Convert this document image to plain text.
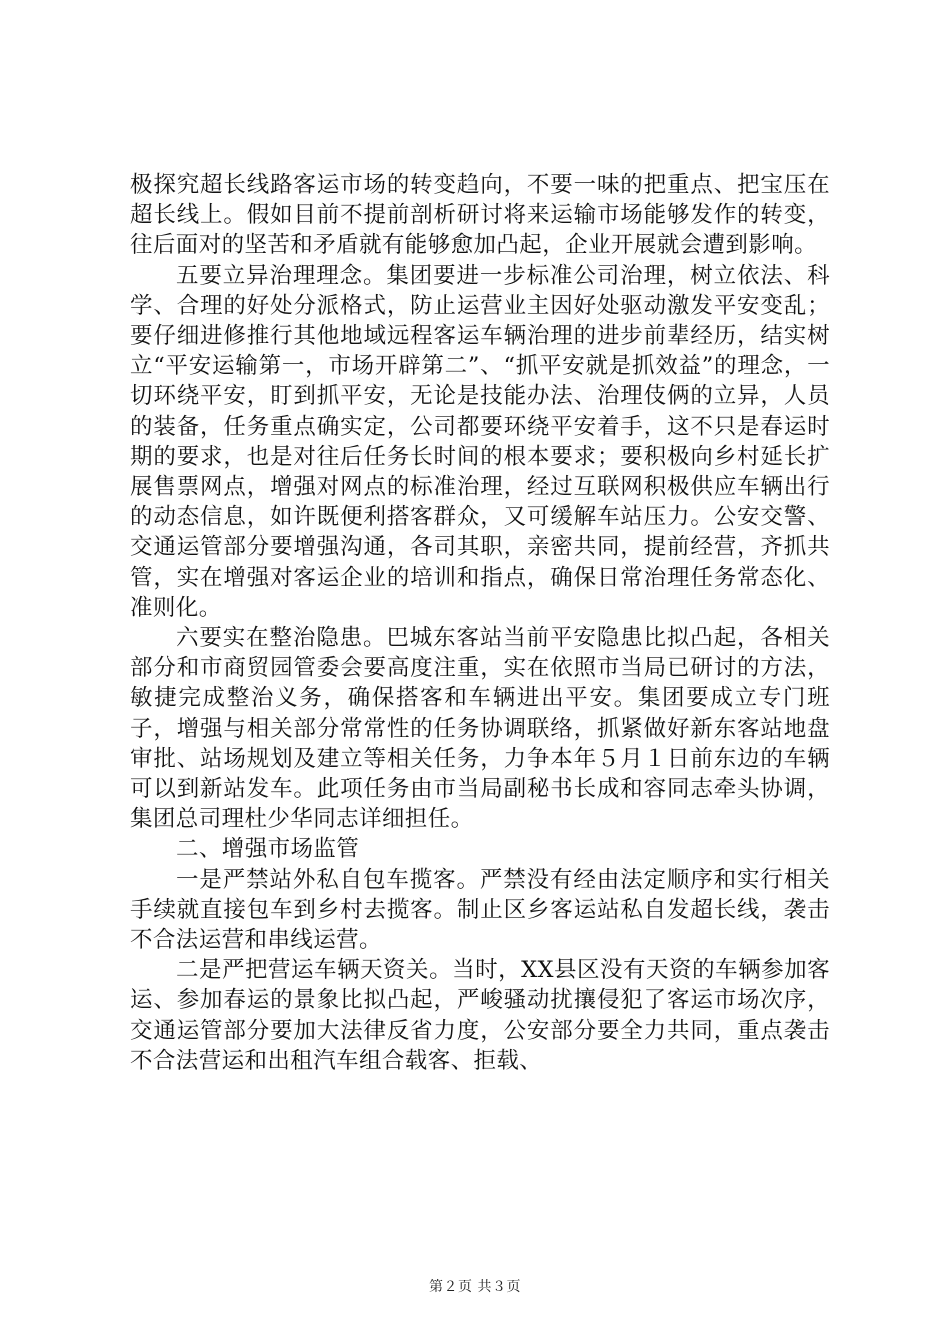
极探究超长线路客运市场的转变趋向，不要一味的把重点、把宝压在超长线上。假如目前不提前剖析研讨将来运输市场能够发作的转变，往后面对的坚苦和矛盾就有能够愈加凸起，企业开展就会遭到影响。

五要立异治理理念。集团要进一步标准公司治理，树立依法、科学、合理的好处分派格式，防止运营业主因好处驱动激发平安变乱；要仔细进修推行其他地域远程客运车辆治理的进步前辈经历，结实树立“平安运输第一，市场开辟第二”、“抓平安就是抓效益”的理念，一切环绕平安，盯到抓平安，无论是技能办法、治理伎俩的立异，人员的装备，任务重点确实定，公司都要环绕平安着手，这不只是春运时期的要求，也是对往后任务长时间的根本要求；要积极向乡村延长扩展售票网点，增强对网点的标准治理，经过互联网积极供应车辆出行的动态信息，如许既便利搭客群众，又可缓解车站压力。公安交警、交通运管部分要增强沟通，各司其职，亲密共同，提前经营，齐抓共管，实在增强对客运企业的培训和指点，确保日常治理任务常态化、准则化。

六要实在整治隐患。巴城东客站当前平安隐患比拟凸起，各相关部分和市商贸园管委会要高度注重，实在依照市当局已研讨的方法，敏捷完成整治义务，确保搭客和车辆进出平安。集团要成立专门班子，增强与相关部分常常性的任务协调联络，抓紧做好新东客站地盘审批、站场规划及建立等相关任务，力争本年５月１日前东边的车辆可以到新站发车。此项任务由市当局副秘书长成和容同志牵头协调，集团总司理杜少华同志详细担任。

二、增强市场监管

一是严禁站外私自包车揽客。严禁没有经由法定顺序和实行相关手续就直接包车到乡村去揽客。制止区乡客运站私自发超长线，袭击不合法运营和串线运营。

二是严把营运车辆天资关。当时，XX县区没有天资的车辆参加客运、参加春运的景象比拟凸起，严峻骚动扰攘侵犯了客运市场次序，交通运管部分要加大法律反省力度，公安部分要全力共同，重点袭击不合法营运和出租汽车组合载客、拒载、

第２页 共３页
